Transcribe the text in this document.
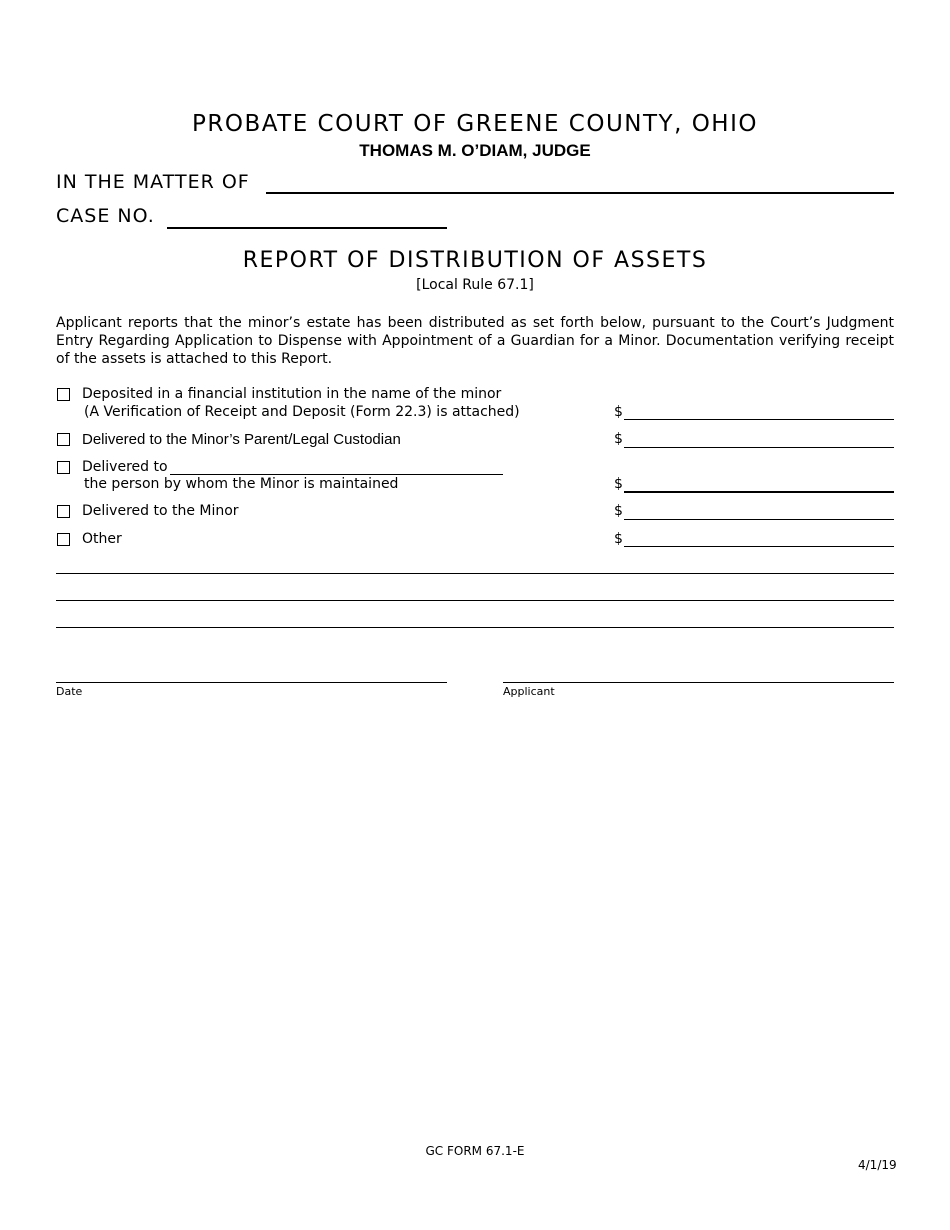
PROBATE COURT OF GREENE COUNTY, OHIO
THOMAS M. O’DIAM, JUDGE
IN THE MATTER OF
CASE NO.
REPORT OF DISTRIBUTION OF ASSETS
[Local Rule 67.1]
Applicant reports that the minor’s estate has been distributed as set forth below, pursuant to the Court’s Judgment Entry Regarding Application to Dispense with Appointment of a Guardian for a Minor. Documentation verifying receipt of the assets is attached to this Report.
Deposited in a financial institution in the name of the minor
(A Verification of Receipt and Deposit (Form 22.3) is attached)	$
Delivered to the Minor’s Parent/Legal Custodian	$
Delivered to
the person by whom the Minor is maintained	$
Delivered to the Minor	$
Other	$
Date	Applicant
GC FORM 67.1-E
4/1/19
